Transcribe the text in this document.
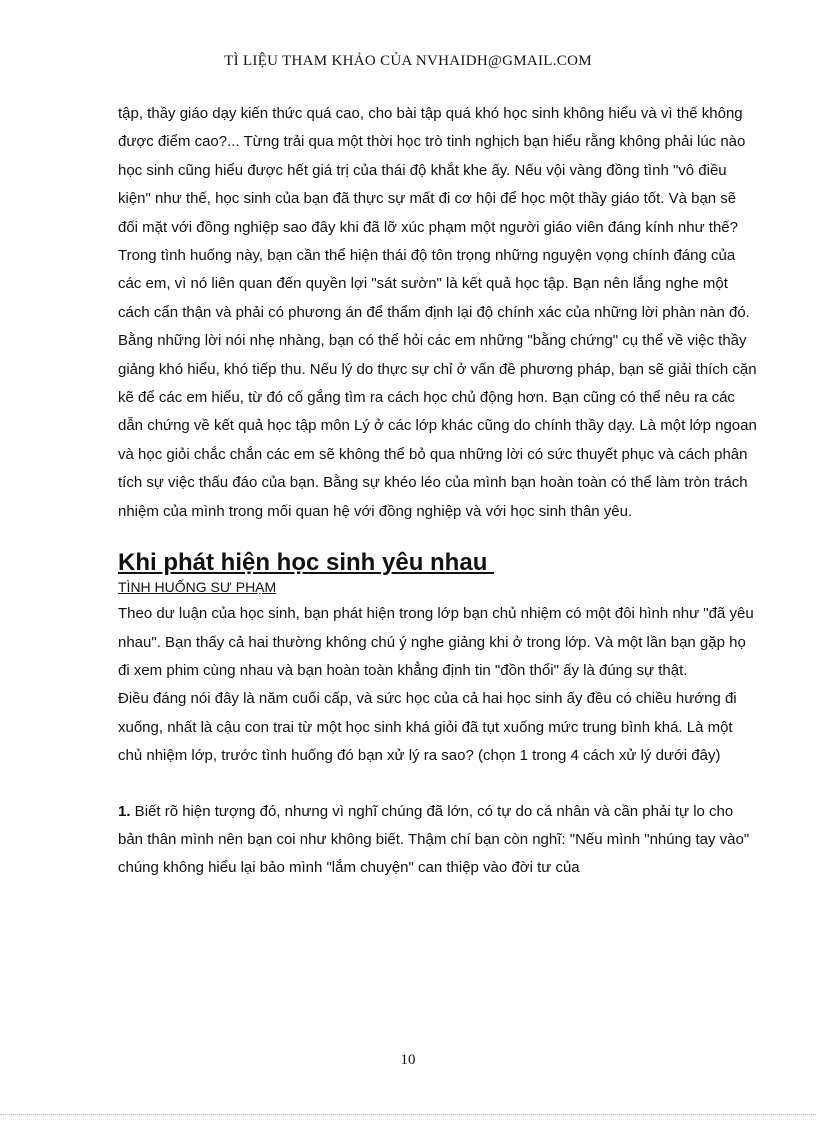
TÌ LIỆU THAM KHẢO CỦA NVHAIDH@GMAIL.COM

tập, thầy giáo dạy kiến thức quá cao, cho bài tập quá khó học sinh không hiểu và vì thế không được điểm cao?... Từng trải qua một thời học trò tinh nghịch bạn hiểu rằng không phải lúc nào học sinh cũng hiểu được hết giá trị của thái độ khắt khe ấy. Nếu vội vàng đồng tình "vô điều kiện" như thế, học sinh của bạn đã thực sự mất đi cơ hội để học một thầy giáo tốt. Và bạn sẽ đối mặt với đồng nghiệp sao đây khi đã lỡ xúc phạm một người giáo viên đáng kính như thế?

Trong tình huống này, bạn cần thể hiện thái độ tôn trọng những nguyện vọng chính đáng của các em, vì nó liên quan đến quyền lợi "sát sườn" là kết quả học tập. Bạn nên lắng nghe một cách cẩn thận và phải có phương án để thẩm định lại độ chính xác của những lời phàn nàn đó. Bằng những lời nói nhẹ nhàng, bạn có thể hỏi các em những "bằng chứng" cụ thể về việc thầy giảng khó hiểu, khó tiếp thu. Nếu lý do thực sự chỉ ở vấn đề phương pháp, bạn sẽ giải thích cặn kẽ để các em hiểu, từ đó cố gắng tìm ra cách học chủ động hơn. Bạn cũng có thể nêu ra các dẫn chứng về kết quả học tập môn Lý ở các lớp khác cũng do chính thầy dạy. Là một lớp ngoan và học giỏi chắc chắn các em sẽ không thể bỏ qua những lời có sức thuyết phục và cách phân tích sự việc thấu đáo của bạn. Bằng sự khéo léo của mình bạn hoàn toàn có thể làm tròn trách nhiệm của mình trong mối quan hệ với đồng nghiệp và với học sinh thân yêu.

Khi phát hiện học sinh yêu nhau

TÌNH HUỐNG SƯ PHẠM

Theo dư luận của học sinh, bạn phát hiện trong lớp bạn chủ nhiệm có một đôi hình như "đã yêu nhau". Bạn thấy cả hai thường không chú ý nghe giảng khi ở trong lớp. Và một lần bạn gặp họ đi xem phim cùng nhau và bạn hoàn toàn khẳng định tin "đồn thổi" ấy là đúng sự thật.

Điều đáng nói đây là năm cuối cấp, và sức học của cả hai học sinh ấy đều có chiều hướng đi xuống, nhất là cậu con trai từ một học sinh khá giỏi đã tụt xuống mức trung bình khá. Là một chủ nhiệm lớp, trước tình huống đó bạn xử lý ra sao? (chọn 1 trong 4 cách xử lý dưới đây)

1. Biết rõ hiện tượng đó, nhưng vì nghĩ chúng đã lớn, có tự do cá nhân và cần phải tự lo cho bản thân mình nên bạn coi như không biết. Thậm chí bạn còn nghĩ: "Nếu mình "nhúng tay vào" chúng không hiểu lại bảo mình "lắm chuyện" can thiệp vào đời tư của

10
